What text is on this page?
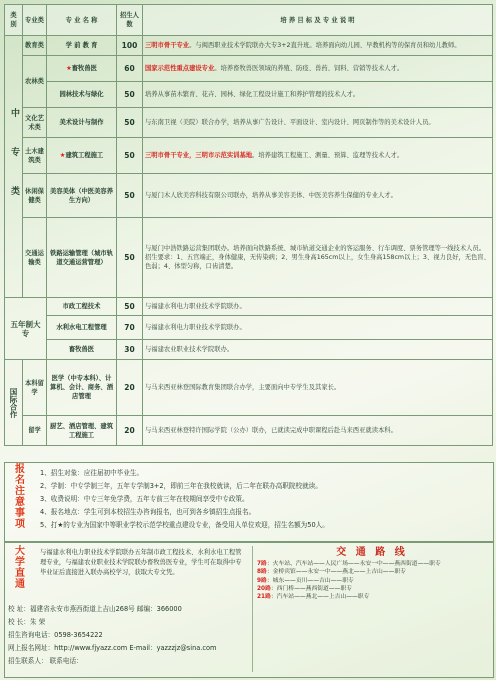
类 别	专业类	专 业 名 称	招生人数	培 养 目 标 及 专 业 说 明
中专类	教育类	学 前 教 育	100	三明市骨干专业。与闽西职业技术学院联办大专3+2直升班。培养面向幼儿园、早教机构等的保育员和幼儿教师。
	农林类	★畜牧兽医	60	国家示范性重点建设专业。培养畜牧兽医领域的养殖、防疫、兽药、饲料、营销等技术人才。
		园林技术与绿化	50	培养从事苗木繁育、花卉、园林、绿化工程设计施工和养护管理的技术人才。
	文化艺术类	美术设计与制作	50	与东南卫视（美院）联合办学，培养从事广告设计、平面设计、室内设计、网页制作等的美术设计人员。
	土木建筑类	★建筑工程施工	50	三明市骨干专业，三明市示范实训基地。培养建筑工程施工、测量、预算、监理等技术人才。
	休闲保健类	美容美体（中医美容养生方向）	50	与厦门木人欣美容科技有限公司联办，培养从事美容美体、中医美容养生保健的专业人才。
	交通运输类	铁路运输管理（城市轨道交通运营管理）	50	与厦门中浩铁路运营集团联办。培养面向铁路系统、城市轨道交通企业的客运服务、行车调度、票务管理等一线技术人员。招生要求：1、五官端正，身体健康，无传染病；2、男生身高165cm以上，女生身高158cm以上；3、视力良好，无色盲、色弱；4、体型匀称，口齿清楚。
五年制大专		市政工程技术	50	与福建水利电力职业技术学院联办。
		水利水电工程管理	70	与福建水利电力职业技术学院联办。
		畜牧兽医	30	与福建农业职业技术学院联办。
国际合作	本科留学	医学（中专本科）、计算机、会计、商务、酒店管理	20	与马来西亚林登国际教育集团联合办学，主要面向中专学生及其家长。
	留学	厨艺、酒店管理、建筑工程施工	20	与马来西亚林登特许国际学院（公办）联办，已就读完成中职课程后赴马来西亚就读本科。
报名注意事项
1、招生对象：应往届初中毕业生。
2、学制：中专学制三年，五年专学制3+2，即前三年在我校就读，后二年在联办高职院校就读。
3、收费说明：中专三年免学费，五年专前三年在校期间享受中专政策。
4、报名地点：学生可到本校招生办咨询报名，也可到各乡镇招生点报名。
5、打★的专业为国家中等职业学校示范学校重点建设专业，备受用人单位欢迎，招生名额为50人。
大学直通
与福建水利电力职业技术学院联办五年制市政工程技术、水利水电工程管理专业，与福建农业职业技术学院联办畜牧兽医专业，学生可在取得中专毕业证后直接进入联办高校学习，获取大专文凭。
校 址：福建省永安市燕西街道上吉山268号 邮编：366000
校 长：朱 荣
招生咨询电话：0598-3654222
网上报名网址：http://www.fjyazz.com E-mail：yazzzjz@sina.com
招生联系人： 联系电话：
交 通 路 线
7路：火车站、汽车站——人民广场——永安一中——燕西街道——职专
8路：金桥宾馆——永安一中——燕北——上吉山——职专
9路：城东——贡川——吉山——职专
20路：西门桥——燕西街道——职专
21路：汽车站——燕北——上吉山——职专
